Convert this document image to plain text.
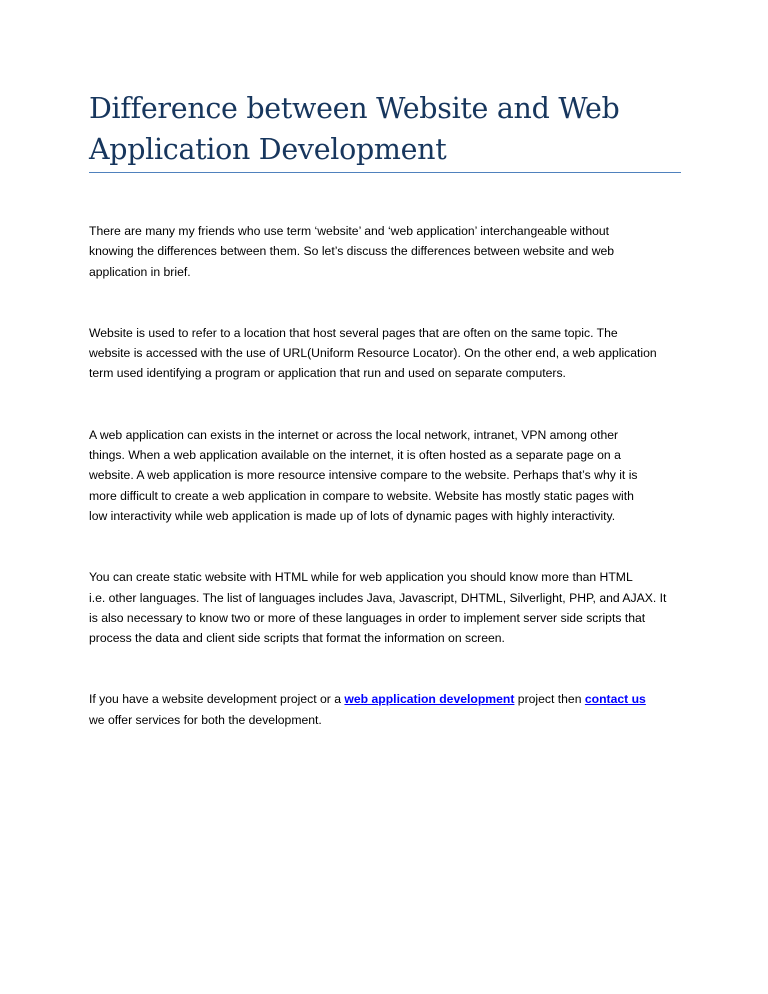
Difference between Website and Web
Application Development

There are many my friends who use term ‘website’ and ‘web application’ interchangeable without
knowing the differences between them. So let’s discuss the differences between website and web
application in brief.

Website is used to refer to a location that host several pages that are often on the same topic. The
website is accessed with the use of URL(Uniform Resource Locator). On the other end, a web application
term used identifying a program or application that run and used on separate computers.

A web application can exists in the internet or across the local network, intranet, VPN among other
things. When a web application available on the internet, it is often hosted as a separate page on a
website. A web application is more resource intensive compare to the website. Perhaps that’s why it is
more difficult to create a web application in compare to website. Website has mostly static pages with
low interactivity while web application is made up of lots of dynamic pages with highly interactivity.

You can create static website with HTML while for web application you should know more than HTML
i.e. other languages. The list of languages includes Java, Javascript, DHTML, Silverlight, PHP, and AJAX. It
is also necessary to know two or more of these languages in order to implement server side scripts that
process the data and client side scripts that format the information on screen.

If you have a website development project or a web application development project then contact us
we offer services for both the development.
